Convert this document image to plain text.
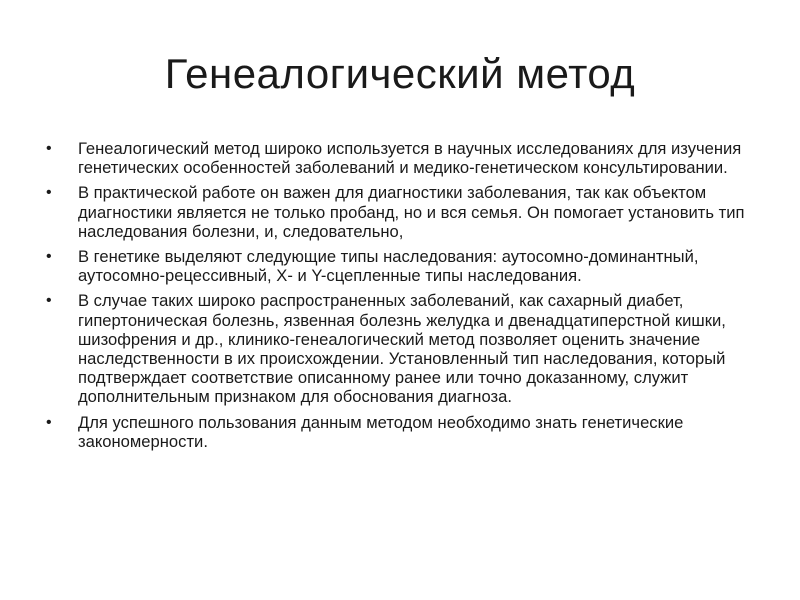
Генеалогический метод
•	Генеалогический метод широко используется в научных исследованиях для изучения генетических особенностей заболеваний и медико-генетическом консультировании.
•	В практической работе он важен для диагностики заболевания, так как объектом диагностики является не только пробанд, но и вся семья. Он помогает установить тип наследования болезни, и, следовательно,
•	В генетике выделяют следующие типы наследования: аутосомно-доминантный, аутосомно-рецессивный, X- и Y-сцепленные типы наследования.
•	В случае таких широко распространенных заболеваний, как сахарный диабет, гипертоническая болезнь, язвенная болезнь желудка и двенадцатиперстной кишки, шизофрения и др., клинико-генеалогический метод позволяет оценить значение наследственности в их происхождении. Установленный тип наследования, который подтверждает соответствие описанному ранее или точно доказанному, служит дополнительным признаком для обоснования диагноза.
•	Для успешного пользования данным методом необходимо знать генетические закономерности.
